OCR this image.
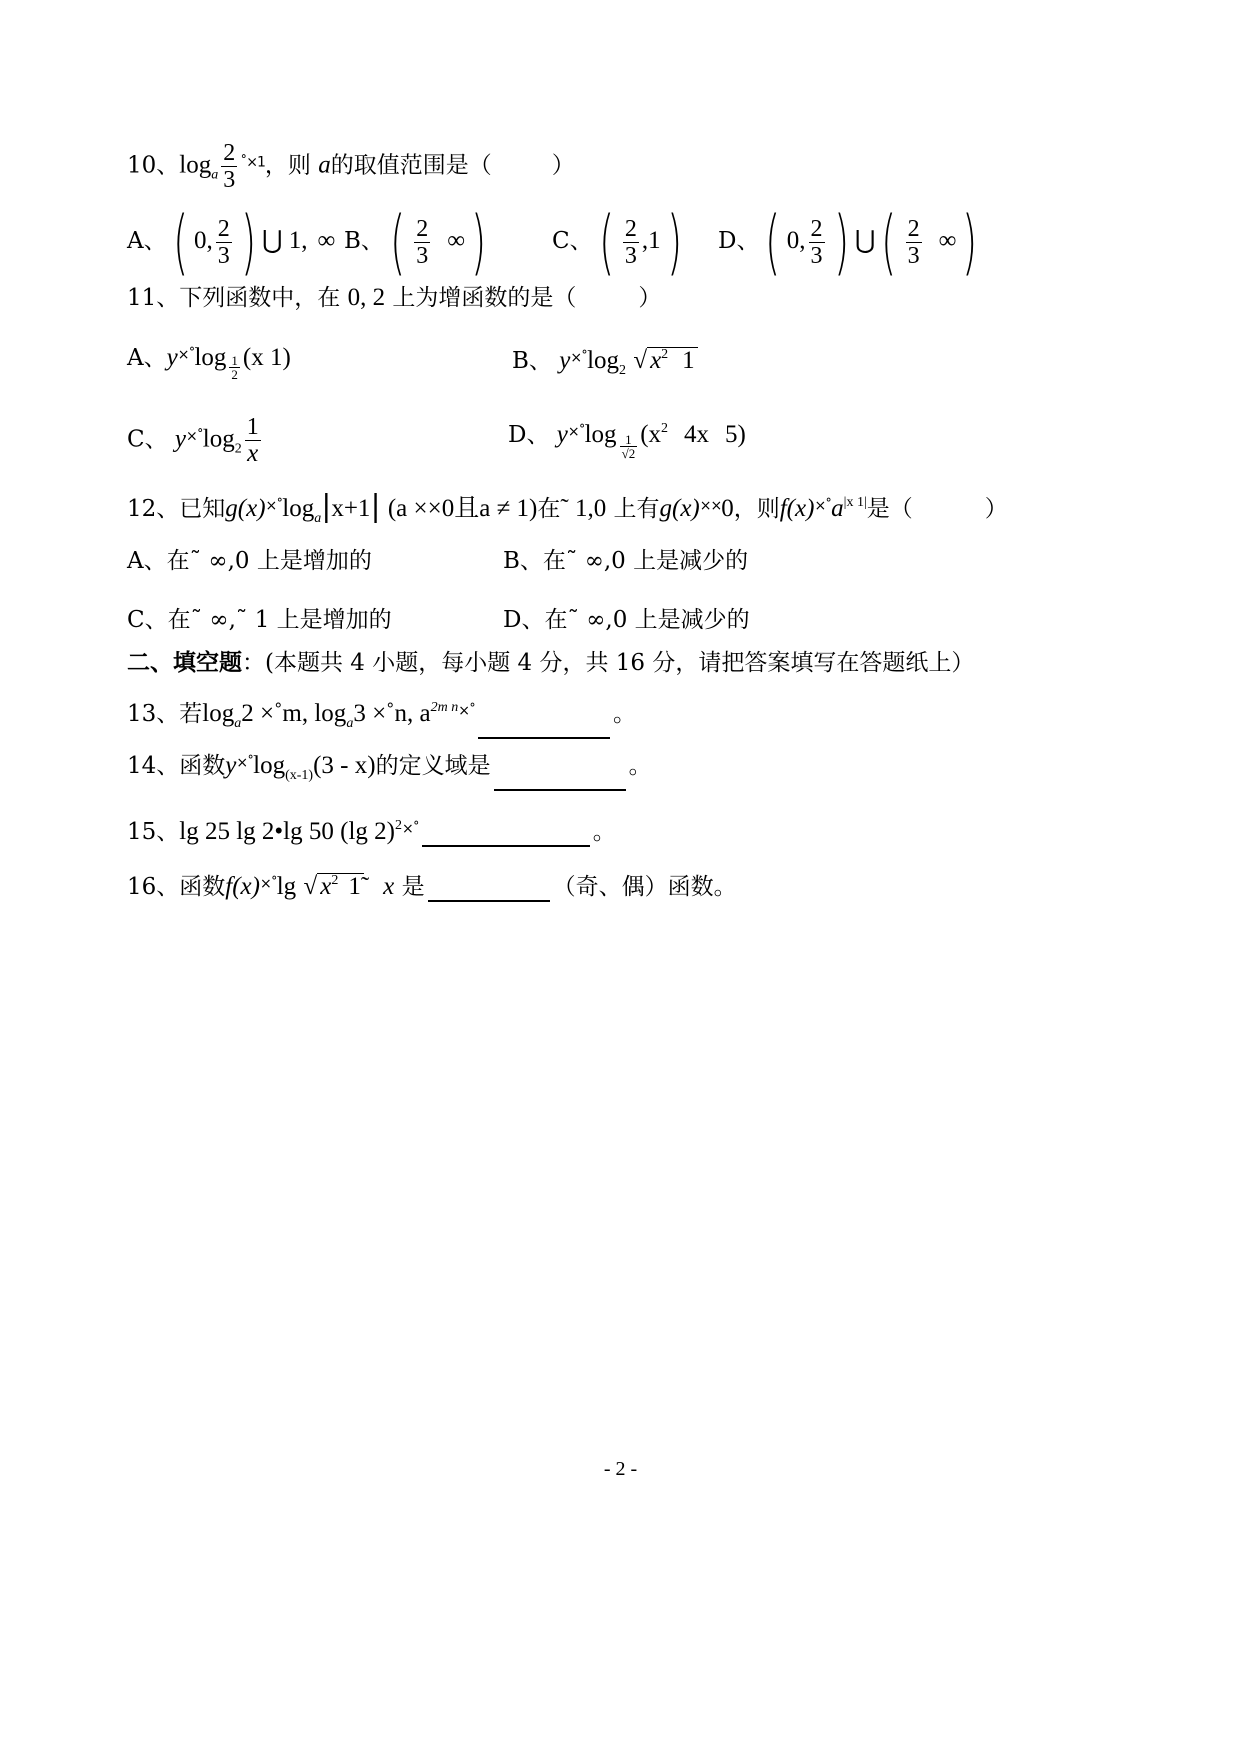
10、$\log_a \frac{2}{3} ^{˚\times 1}$，则 a的取值范围是（	）
A、( 0, $\frac{2}{3}$ ) ⋃ 1, ∞ B、( $\frac{2}{3}$ ∞)	C、( $\frac{2}{3} ,1$) D、( 0, $\frac{2}{3}$ ) ⋃( $\frac{2}{3}$ ∞)
11、下列函数中，在 0, 2 上为增函数的是（	）
A、$y^{\times˚}\log \frac{1}{2} (x$ 1)	B、 $y^{\times˚}\log_2$ √ $x^2$ 1
C、 $y^{\times˚}\log_2 \frac{1}{x}$	D、 $y^{\times˚}\log \frac{1}{√2} (x^2$ 4x 5)
12、已知$g(x)^{\times˚}\log_a|x+1|$ (a ××0且a ≠ 1)在˜ 1,0 上有g(x)××0，则$f(x)^{\times˚}a^{|x 1|}$是（	）
A、在˜ ∞,0 上是增加的	B、在˜ ∞,0 上是减少的
C、在˜ ∞,˜ 1 上是增加的	D、在˜ ∞,0 上是减少的
二、填空题：(本题共 4 小题，每小题 4 分，共 16 分，请把答案填写在答题纸上）
13、若$\log_a2$ ×˚m, $\log_a3$ ×˚n, $a^{2m n\times˚}$	。
14、函数$y^{\times˚}\log_{(x-1)}(3 - x)$的定义域是	。
15、lg 25 lg 2•lg 50 (lg 2)$^{2\times˚}$	。
16、函数f(x)×˚lg √ $x^2$ 1̃ x 是	（奇、偶）函数。
- 2 -
